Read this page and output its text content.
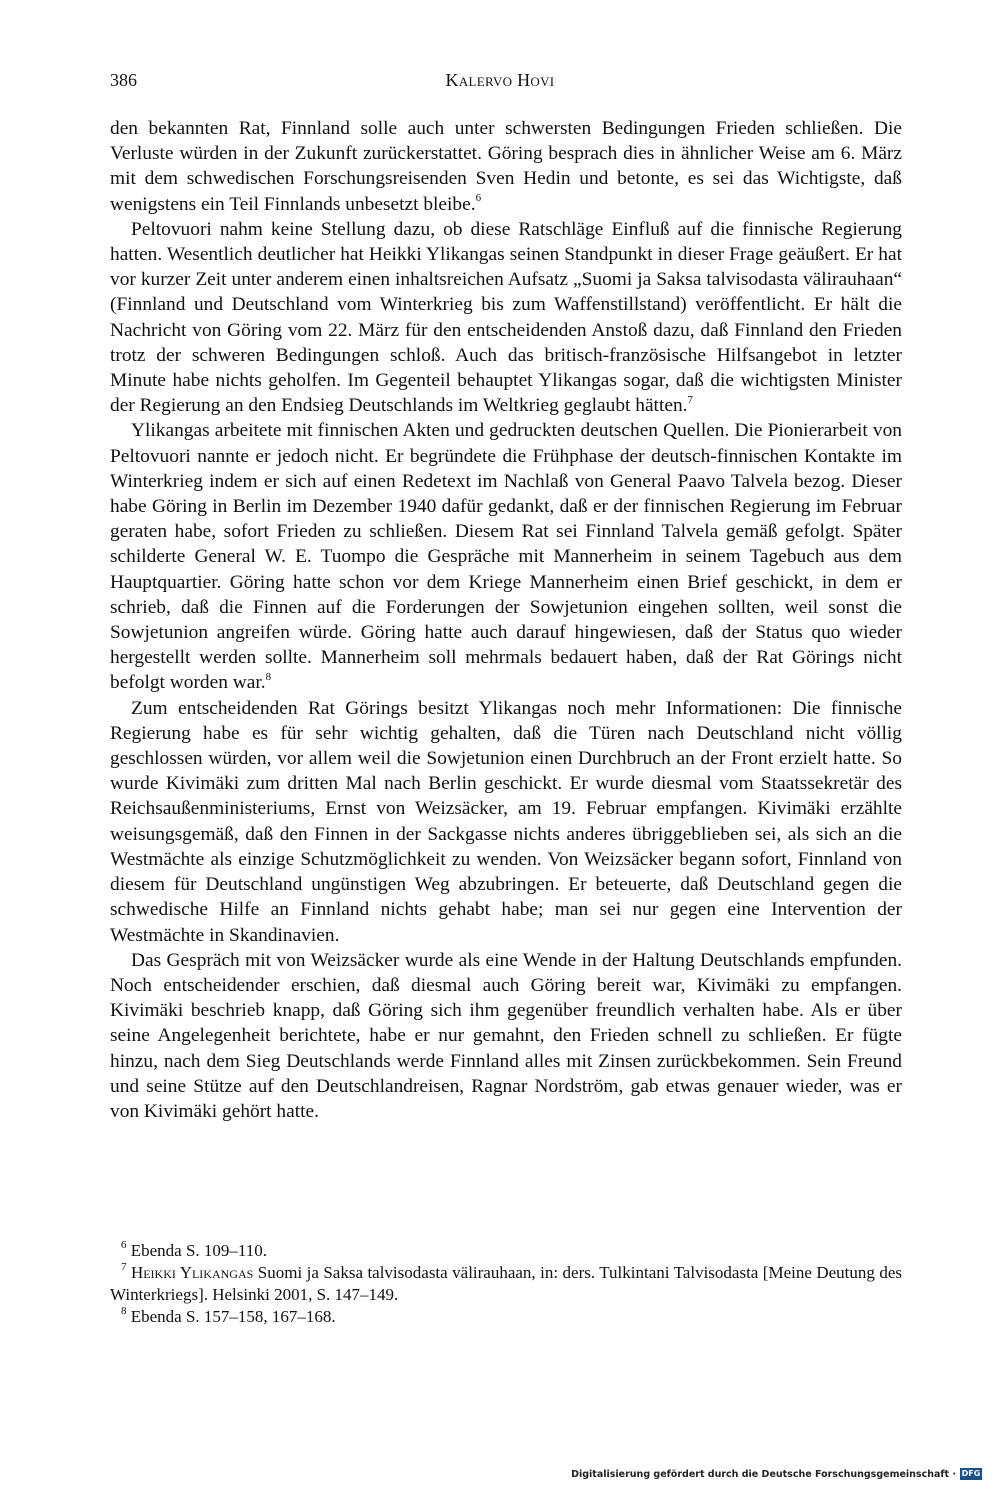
386	Kalervo Hovi

den bekannten Rat, Finnland solle auch unter schwersten Bedingungen Frieden schließen. Die Verluste würden in der Zukunft zurückerstattet. Göring besprach dies in ähnlicher Weise am 6. März mit dem schwedischen Forschungsreisenden Sven Hedin und betonte, es sei das Wichtigste, daß wenigstens ein Teil Finnlands unbesetzt bleibe.$^6$

Peltovuori nahm keine Stellung dazu, ob diese Ratschläge Einfluß auf die finnische Regierung hatten. Wesentlich deutlicher hat Heikki Ylikangas seinen Standpunkt in dieser Frage geäußert. Er hat vor kurzer Zeit unter anderem einen inhaltsreichen Aufsatz „Suomi ja Saksa talvisodasta välirauhaan“ (Finnland und Deutschland vom Winterkrieg bis zum Waffenstillstand) veröffentlicht. Er hält die Nachricht von Göring vom 22. März für den entscheidenden Anstoß dazu, daß Finnland den Frieden trotz der schweren Bedingungen schloß. Auch das britisch-französische Hilfsangebot in letzter Minute habe nichts geholfen. Im Gegenteil behauptet Ylikangas sogar, daß die wichtigsten Minister der Regierung an den Endsieg Deutschlands im Weltkrieg geglaubt hätten.$^7$

Ylikangas arbeitete mit finnischen Akten und gedruckten deutschen Quellen. Die Pionierarbeit von Peltovuori nannte er jedoch nicht. Er begründete die Frühphase der deutsch-finnischen Kontakte im Winterkrieg indem er sich auf einen Redetext im Nachlaß von General Paavo Talvela bezog. Dieser habe Göring in Berlin im Dezember 1940 dafür gedankt, daß er der finnischen Regierung im Februar geraten habe, sofort Frieden zu schließen. Diesem Rat sei Finnland Talvela gemäß gefolgt. Später schilderte General W. E. Tuompo die Gespräche mit Mannerheim in seinem Tagebuch aus dem Hauptquartier. Göring hatte schon vor dem Kriege Mannerheim einen Brief geschickt, in dem er schrieb, daß die Finnen auf die Forderungen der Sowjetunion eingehen sollten, weil sonst die Sowjetunion angreifen würde. Göring hatte auch darauf hingewiesen, daß der Status quo wieder hergestellt werden sollte. Mannerheim soll mehrmals bedauert haben, daß der Rat Görings nicht befolgt worden war.$^8$

Zum entscheidenden Rat Görings besitzt Ylikangas noch mehr Informationen: Die finnische Regierung habe es für sehr wichtig gehalten, daß die Türen nach Deutschland nicht völlig geschlossen würden, vor allem weil die Sowjetunion einen Durchbruch an der Front erzielt hatte. So wurde Kivimäki zum dritten Mal nach Berlin geschickt. Er wurde diesmal vom Staatssekretär des Reichsaußenministeriums, Ernst von Weizsäcker, am 19. Februar empfangen. Kivimäki erzählte weisungsgemäß, daß den Finnen in der Sackgasse nichts anderes übriggeblieben sei, als sich an die Westmächte als einzige Schutzmöglichkeit zu wenden. Von Weizsäcker begann sofort, Finnland von diesem für Deutschland ungünstigen Weg abzubringen. Er beteuerte, daß Deutschland gegen die schwedische Hilfe an Finnland nichts gehabt habe; man sei nur gegen eine Intervention der Westmächte in Skandinavien.

Das Gespräch mit von Weizsäcker wurde als eine Wende in der Haltung Deutschlands empfunden. Noch entscheidender erschien, daß diesmal auch Göring bereit war, Kivimäki zu empfangen. Kivimäki beschrieb knapp, daß Göring sich ihm gegenüber freundlich verhalten habe. Als er über seine Angelegenheit berichtete, habe er nur gemahnt, den Frieden schnell zu schließen. Er fügte hinzu, nach dem Sieg Deutschlands werde Finnland alles mit Zinsen zurückbekommen. Sein Freund und seine Stütze auf den Deutschlandreisen, Ragnar Nordström, gab etwas genauer wieder, was er von Kivimäki gehört hatte.

$^6$ Ebenda S. 109–110.

$^7$ Heikki Ylikangas Suomi ja Saksa talvisodasta välirauhaan, in: ders. Tulkintani Talvisodasta [Meine Deutung des Winterkriegs]. Helsinki 2001, S. 147–149.

$^8$ Ebenda S. 157–158, 167–168.

Digitalisierung gefördert durch die Deutsche Forschungsgemeinschaft · DFG
